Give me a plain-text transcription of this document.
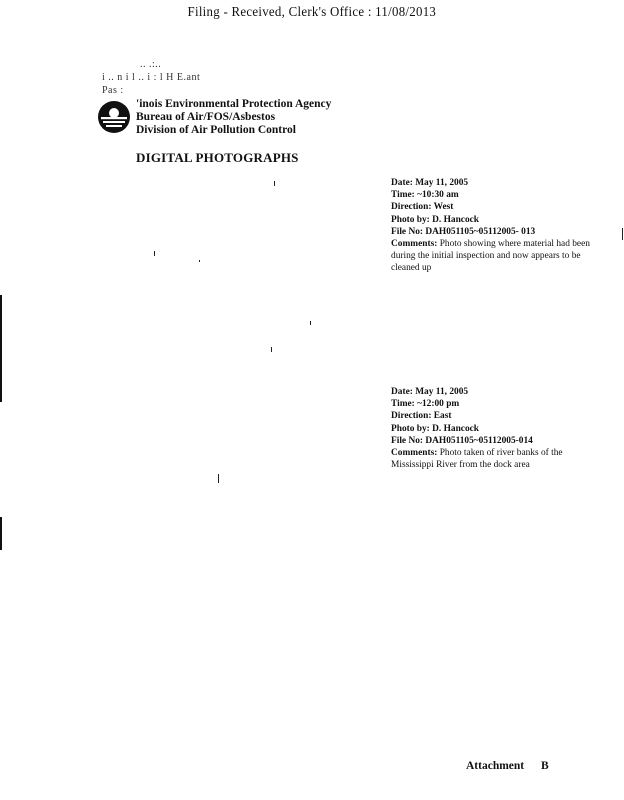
Filing - Received, Clerk's Office : 11/08/2013
.. .:..
i .. n i l .. i : l H E.ant
Pas :
'inois Environmental Protection Agency
Bureau of Air/FOS/Asbestos
Division of Air Pollution Control
DIGITAL PHOTOGRAPHS
Date: May 11, 2005
Time: ~10:30 am
Direction: West
Photo by: D. Hancock
File No: DAH051105~05112005- 013
Comments: Photo showing where material had been during the initial inspection and now appears to be cleaned up
Date: May 11, 2005
Time: ~12:00 pm
Direction: East
Photo by: D. Hancock
File No: DAH051105~05112005-014
Comments: Photo taken of river banks of the Mississippi River from the dock area
Attachment B
